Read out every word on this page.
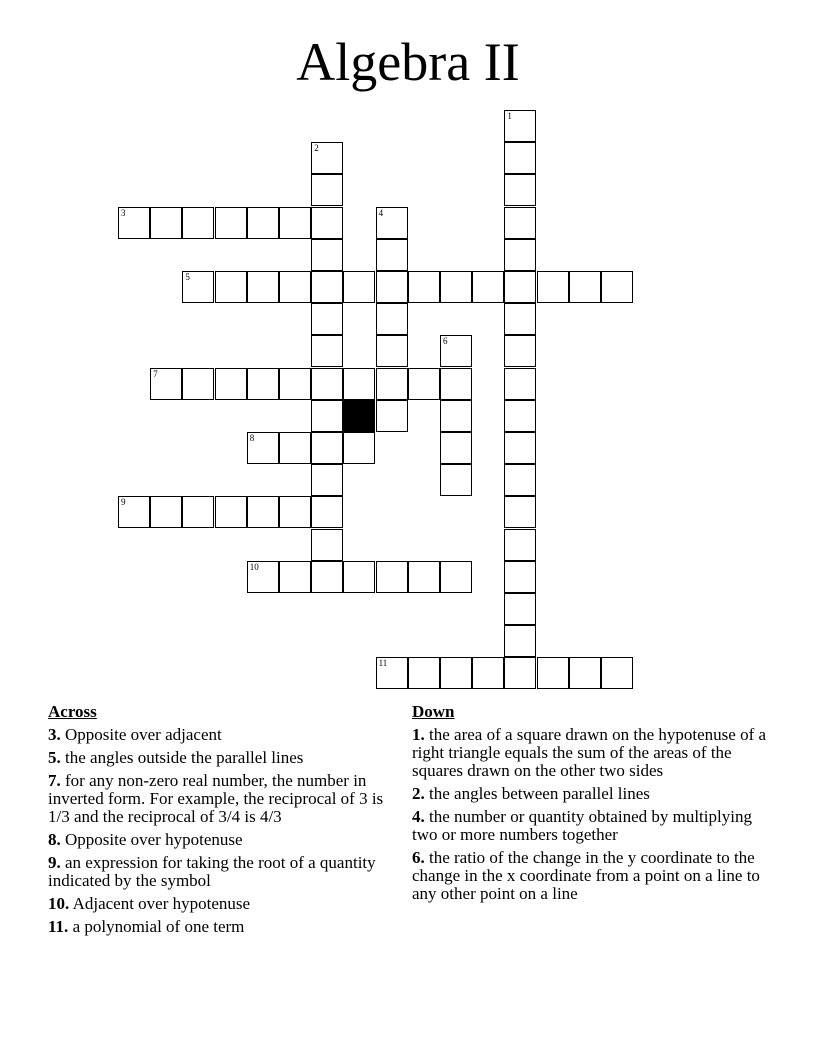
Algebra II
1
2
3	4
5
6
7
8
9
10
11
Across
3. Opposite over adjacent
5. the angles outside the parallel lines
7. for any non-zero real number, the number in inverted form. For example, the reciprocal of 3 is 1/3 and the reciprocal of 3/4 is 4/3
8. Opposite over hypotenuse
9. an expression for taking the root of a quantity indicated by the symbol
10. Adjacent over hypotenuse
11. a polynomial of one term
Down
1. the area of a square drawn on the hypotenuse of a right triangle equals the sum of the areas of the squares drawn on the other two sides
2. the angles between parallel lines
4. the number or quantity obtained by multiplying two or more numbers together
6. the ratio of the change in the y coordinate to the change in the x coordinate from a point on a line to any other point on a line
